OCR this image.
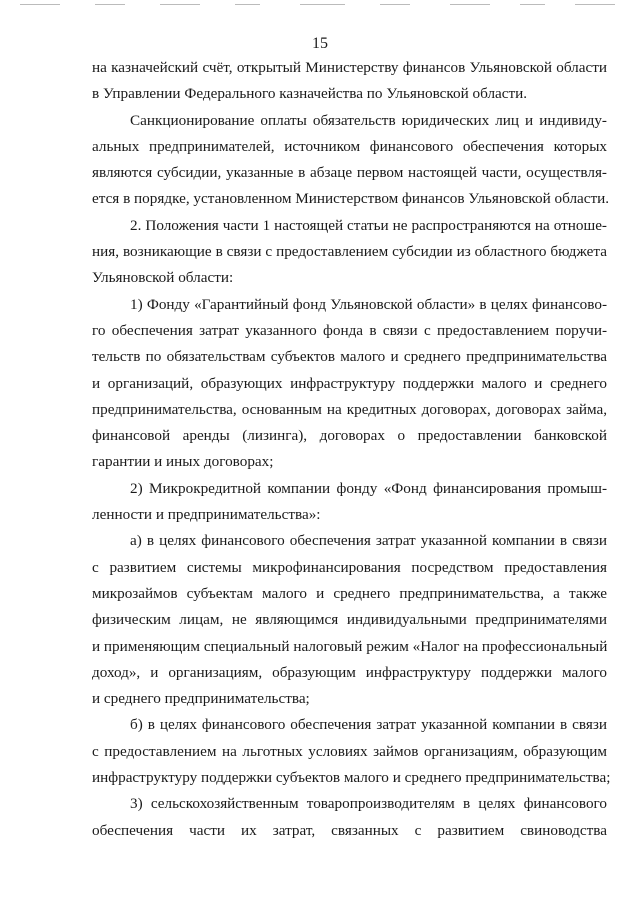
15
на казначейский счёт, открытый Министерству финансов Ульяновской области
в Управлении Федерального казначейства по Ульяновской области.
Санкционирование оплаты обязательств юридических лиц и индивиду-
альных предпринимателей, источником финансового обеспечения которых
являются субсидии, указанные в абзаце первом настоящей части, осуществля-
ется в порядке, установленном Министерством финансов Ульяновской области.
2. Положения части 1 настоящей статьи не распространяются на отноше-
ния, возникающие в связи с предоставлением субсидии из областного бюджета
Ульяновской области:
1) Фонду «Гарантийный фонд Ульяновской области» в целях финансово-
го обеспечения затрат указанного фонда в связи с предоставлением поручи-
тельств по обязательствам субъектов малого и среднего предпринимательства
и организаций, образующих инфраструктуру поддержки малого и среднего
предпринимательства, основанным на кредитных договорах, договорах займа,
финансовой аренды (лизинга), договорах о предоставлении банковской
гарантии и иных договорах;
2) Микрокредитной компании фонду «Фонд финансирования промыш-
ленности и предпринимательства»:
а) в целях финансового обеспечения затрат указанной компании в связи
с развитием системы микрофинансирования посредством предоставления
микрозаймов субъектам малого и среднего предпринимательства, а также
физическим лицам, не являющимся индивидуальными предпринимателями
и применяющим специальный налоговый режим «Налог на профессиональный
доход», и организациям, образующим инфраструктуру поддержки малого
и среднего предпринимательства;
б) в целях финансового обеспечения затрат указанной компании в связи
с предоставлением на льготных условиях займов организациям, образующим
инфраструктуру поддержки субъектов малого и среднего предпринимательства;
3) сельскохозяйственным товаропроизводителям в целях финансового
обеспечения части их затрат, связанных с развитием свиноводства
